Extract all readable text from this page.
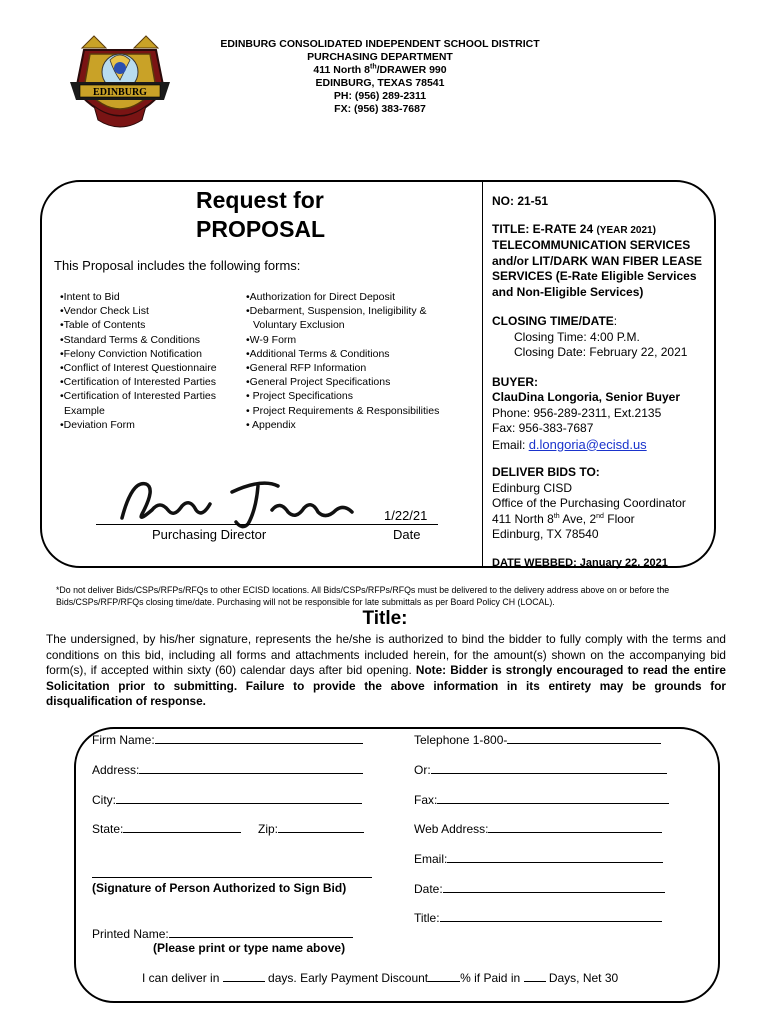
EDINBURG
EDINBURG CONSOLIDATED INDEPENDENT SCHOOL DISTRICT
PURCHASING DEPARTMENT
411 North 8th/DRAWER 990
EDINBURG, TEXAS 78541
PH: (956) 289-2311
FX: (956) 383-7687
Request for
PROPOSAL
This Proposal includes the following forms:
•Intent to Bid
•Vendor Check List
•Table of Contents
•Standard Terms & Conditions
•Felony Conviction Notification
•Conflict of Interest Questionnaire
•Certification of Interested Parties
•Certification of Interested Parties
Example
•Deviation Form
•Authorization for Direct Deposit
•Debarment, Suspension, Ineligibility &
Voluntary Exclusion
•W-9 Form
•Additional Terms & Conditions
•General RFP Information
•General Project Specifications
• Project Specifications
• Project Requirements & Responsibilities
• Appendix
1/22/21
Purchasing Director	Date
NO: 21-51
TITLE: E-RATE 24 (YEAR 2021)
TELECOMMUNICATION SERVICES and/or LIT/DARK WAN FIBER LEASE SERVICES (E-Rate Eligible Services and Non-Eligible Services)
CLOSING TIME/DATE:
Closing Time: 4:00 P.M.
Closing Date: February 22, 2021
BUYER:
ClauDina Longoria, Senior Buyer
Phone: 956-289-2311, Ext.2135
Fax: 956-383-7687
Email: d.longoria@ecisd.us
DELIVER BIDS TO:
Edinburg CISD
Office of the Purchasing Coordinator
411 North 8th Ave, 2nd Floor
Edinburg, TX 78540
DATE WEBBED: January 22, 2021
*Do not deliver Bids/CSPs/RFPs/RFQs to other ECISD locations. All Bids/CSPs/RFPs/RFQs must be delivered to the delivery address above on or before the Bids/CSPs/RFP/RFQs closing time/date. Purchasing will not be responsible for late submittals as per Board Policy CH (LOCAL).
Title:
The undersigned, by his/her signature, represents the he/she is authorized to bind the bidder to fully comply with the terms and conditions on this bid, including all forms and attachments included herein, for the amount(s) shown on the accompanying bid form(s), if accepted within sixty (60) calendar days after bid opening. Note: Bidder is strongly encouraged to read the entire Solicitation prior to submitting. Failure to provide the above information in its entirety may be grounds for disqualification of response.
Firm Name:
Address:
City:
State:	Zip:
(Signature of Person Authorized to Sign Bid)
Printed Name:
(Please print or type name above)
Telephone 1-800-
Or:
Fax:
Web Address:
Email:
Date:
Title:
I can deliver in	days. Early Payment Discount	% if Paid in  Days, Net 30
